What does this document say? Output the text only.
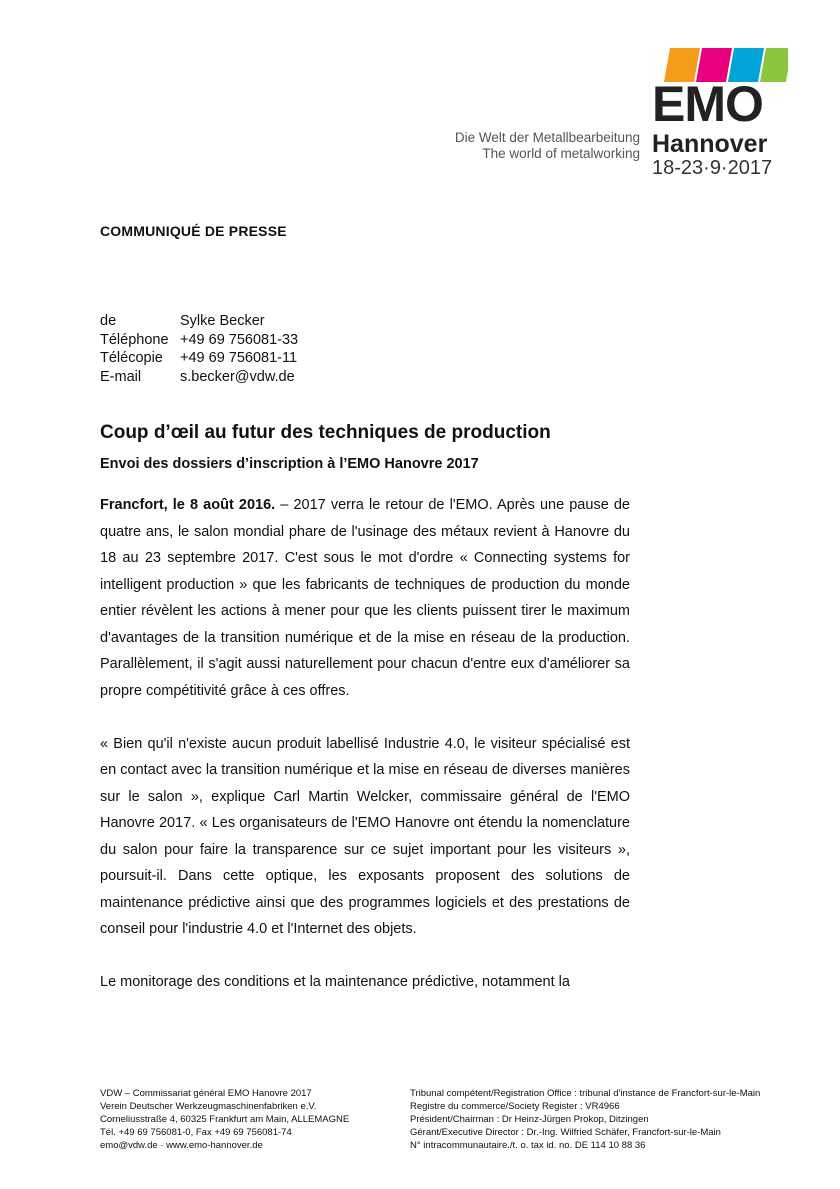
EMO
Hannover
18-23·9·2017
Die Welt der Metallbearbeitung
The world of metalworking
COMMUNIQUÉ DE PRESSE
de	Sylke Becker
Téléphone	+49 69 756081-33
Télécopie	+49 69 756081-11
E-mail	s.becker@vdw.de
Coup d’œil au futur des techniques de production
Envoi des dossiers d’inscription à l’EMO Hanovre 2017

Francfort, le 8 août 2016. – 2017 verra le retour de l'EMO. Après une pause de quatre ans, le salon mondial phare de l'usinage des métaux revient à Hanovre du 18 au 23 septembre 2017. C'est sous le mot d'ordre « Connecting systems for intelligent production » que les fabricants de techniques de production du monde entier révèlent les actions à mener pour que les clients puissent tirer le maximum d'avantages de la transition numérique et de la mise en réseau de la production. Parallèlement, il s'agit aussi naturellement pour chacun d'entre eux d'améliorer sa propre compétitivité grâce à ces offres.

« Bien qu'il n'existe aucun produit labellisé Industrie 4.0, le visiteur spécialisé est en contact avec la transition numérique et la mise en réseau de diverses manières sur le salon », explique Carl Martin Welcker, commissaire général de l'EMO Hanovre 2017. « Les organisateurs de l'EMO Hanovre ont étendu la nomenclature du salon pour faire la transparence sur ce sujet important pour les visiteurs », poursuit-il. Dans cette optique, les exposants proposent des solutions de maintenance prédictive ainsi que des programmes logiciels et des prestations de conseil pour l'industrie 4.0 et l'Internet des objets.

Le monitorage des conditions et la maintenance prédictive, notamment la

VDW – Commissariat général EMO Hanovre 2017
Verein Deutscher Werkzeugmaschinenfabriken e.V.
Corneliusstraße 4, 60325 Frankfurt am Main, ALLEMAGNE
Tél. +49 69 756081-0, Fax +49 69 756081-74
emo@vdw.de · www.emo-hannover.de
Tribunal compétent/Registration Office : tribunal d'instance de Francfort-sur-le-Main
Registre du commerce/Society Register : VR4966
Président/Chairman : Dr Heinz-Jürgen Prokop, Ditzingen
Gérant/Executive Director : Dr.-Ing. Wilfried Schäfer, Francfort-sur-le-Main
N° intracommunautaire./t. o. tax id. no. DE 114 10 88 36
